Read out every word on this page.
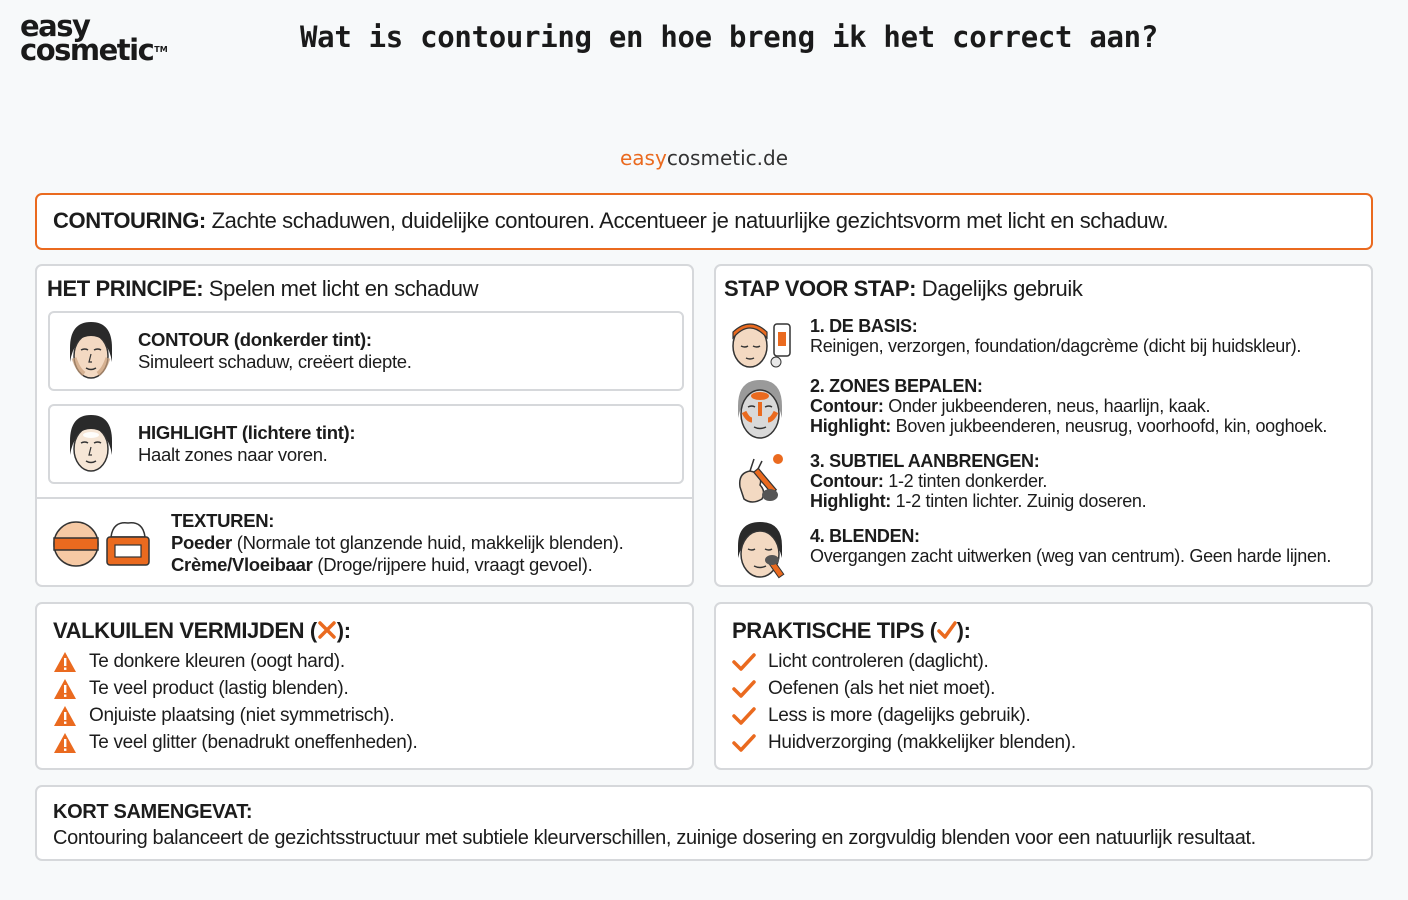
easy
cosmetic™	Wat is contouring en hoe breng ik het correct aan?
easycosmetic.de
CONTOURING: Zachte schaduwen, duidelijke contouren. Accentueer je natuurlijke gezichtsvorm met licht en schaduw.
HET PRINCIPE: Spelen met licht en schaduw
CONTOUR (donkerder tint):
Simuleert schaduw, creëert diepte.
HIGHLIGHT (lichtere tint):
Haalt zones naar voren.
TEXTUREN:
Poeder (Normale tot glanzende huid, makkelijk blenden).
Crème/Vloeibaar (Droge/rijpere huid, vraagt gevoel).
STAP VOOR STAP: Dagelijks gebruik
1. DE BASIS:
Reinigen, verzorgen, foundation/dagcrème (dicht bij huidskleur).
2. ZONES BEPALEN:
Contour: Onder jukbeenderen, neus, haarlijn, kaak.
Highlight: Boven jukbeenderen, neusrug, voorhoofd, kin, ooghoek.
3. SUBTIEL AANBRENGEN:
Contour: 1-2 tinten donkerder.
Highlight: 1-2 tinten lichter. Zuinig doseren.
4. BLENDEN:
Overgangen zacht uitwerken (weg van centrum). Geen harde lijnen.
VALKUILEN VERMIJDEN ( ):
Te donkere kleuren (oogt hard).
Te veel product (lastig blenden).
Onjuiste plaatsing (niet symmetrisch).
Te veel glitter (benadrukt oneffenheden).
PRAKTISCHE TIPS ( ):
Licht controleren (daglicht).
Oefenen (als het niet moet).
Less is more (dagelijks gebruik).
Huidverzorging (makkelijker blenden).
KORT SAMENGEVAT:
Contouring balanceert de gezichtsstructuur met subtiele kleurverschillen, zuinige dosering en zorgvuldig blenden voor een natuurlijk resultaat.
